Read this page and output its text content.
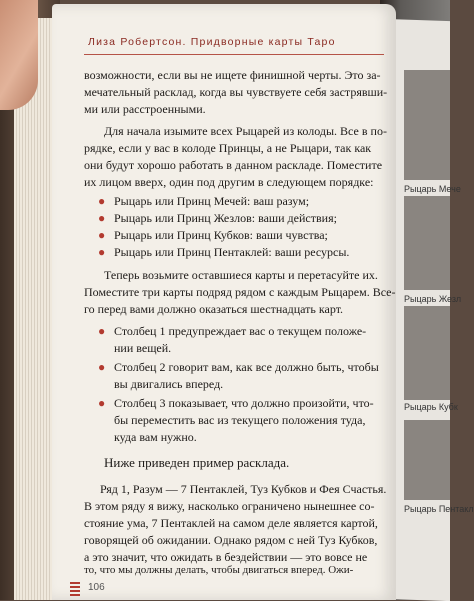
Рыцарь Мече
Рыцарь Жезл
Рыцарь Кубк
Рыцарь Пентакл
Лиза Робертсон. Придворные карты Таро
возможности, если вы не ищете финишной черты. Это за-
мечательный расклад, когда вы чувствуете себя застрявши-
ми или расстроенными.
Для начала изымите всех Рыцарей из колоды. Все в по-
рядке, если у вас в колоде Принцы, а не Рыцари, так как
они будут хорошо работать в данном раскладе. Поместите
их лицом вверх, один под другим в следующем порядке:
● Рыцарь или Принц Мечей: ваш разум;
● Рыцарь или Принц Жезлов: ваши действия;
● Рыцарь или Принц Кубков: ваши чувства;
● Рыцарь или Принц Пентаклей: ваши ресурсы.
Теперь возьмите оставшиеся карты и перетасуйте их.
Поместите три карты подряд рядом с каждым Рыцарем. Все-
го перед вами должно оказаться шестнадцать карт.
● Столбец 1 предупреждает вас о текущем положе-
нии вещей.
● Столбец 2 говорит вам, как все должно быть, чтобы
вы двигались вперед.
● Столбец 3 показывает, что должно произойти, что-
бы переместить вас из текущего положения туда,
куда вам нужно.
Ниже приведен пример расклада.
Ряд 1, Разум — 7 Пентаклей, Туз Кубков и Фея Счастья.
В этом ряду я вижу, насколько ограничено нынешнее со-
стояние ума, 7 Пентаклей на самом деле является картой,
говорящей об ожидании. Однако рядом с ней Туз Кубков,
а это значит, что ожидать в бездействии — это вовсе не
то, что мы должны делать, чтобы двигаться вперед. Ожи-
106
